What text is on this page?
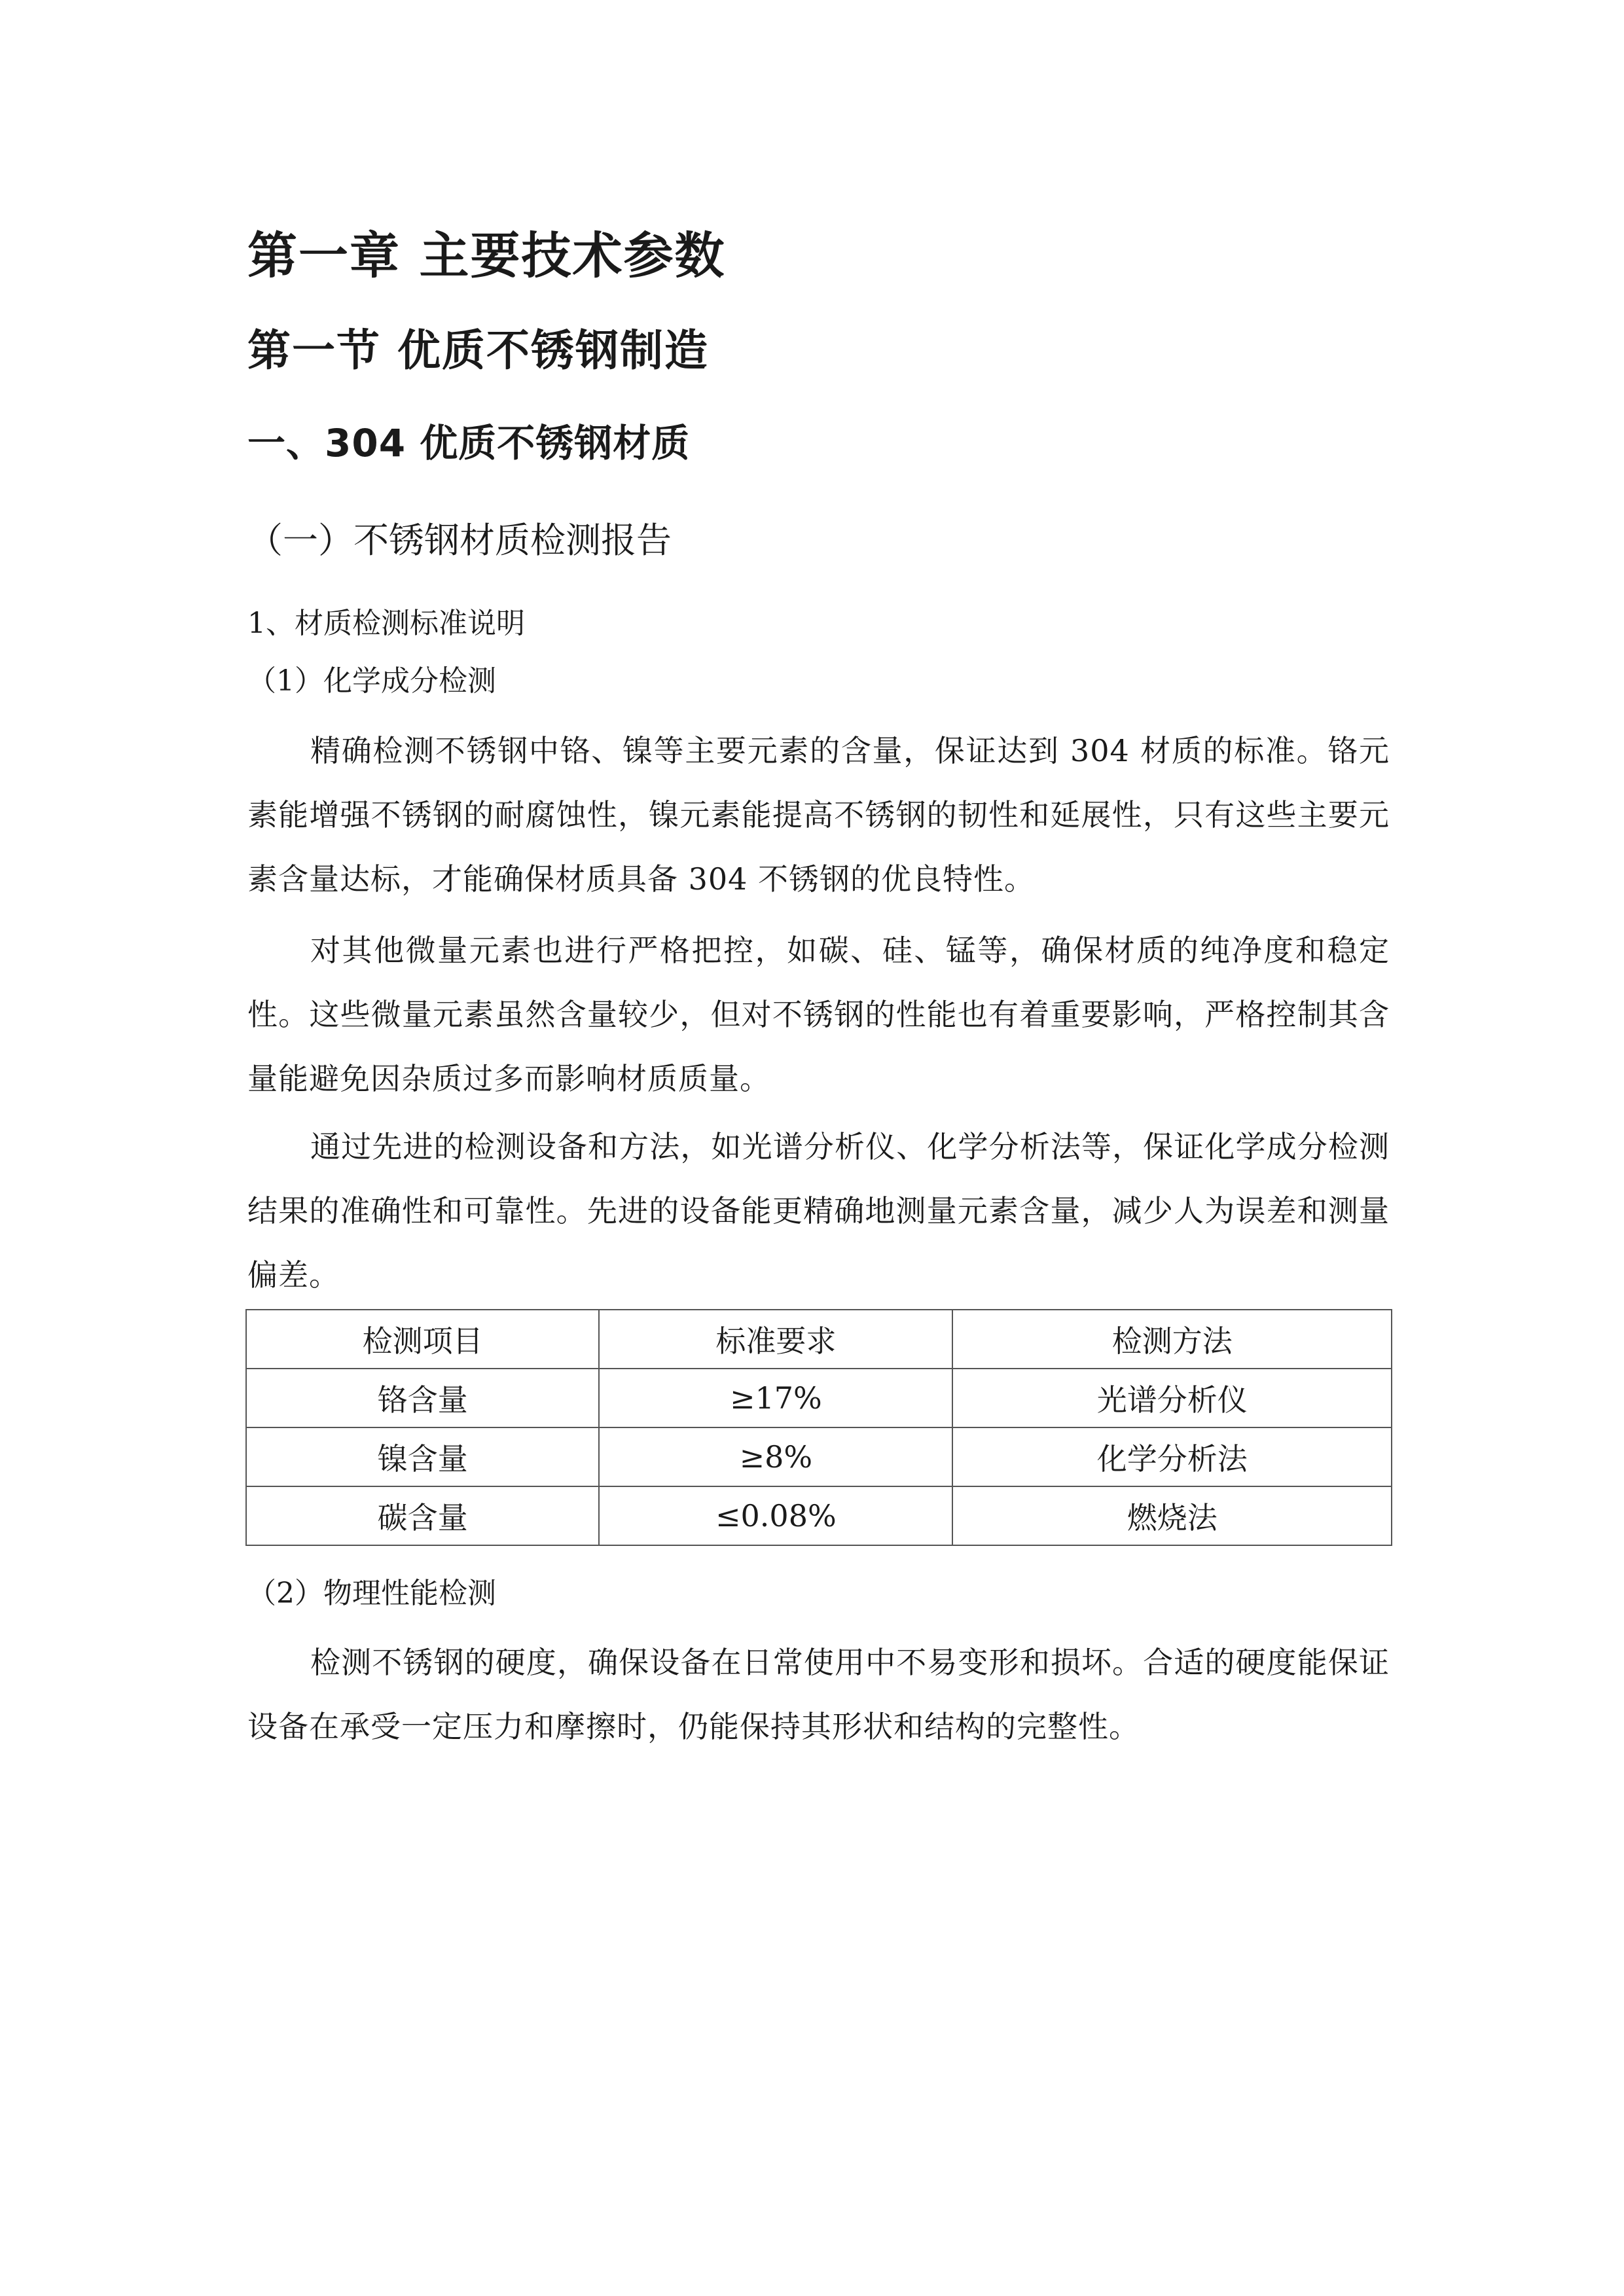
第一章 主要技术参数
第一节 优质不锈钢制造
一、304 优质不锈钢材质
（一）不锈钢材质检测报告
1、材质检测标准说明
（1）化学成分检测

精确检测不锈钢中铬、镍等主要元素的含量，保证达到 304 材质的标准。铬元素能增强不锈钢的耐腐蚀性，镍元素能提高不锈钢的韧性和延展性，只有这些主要元素含量达标，才能确保材质具备 304 不锈钢的优良特性。

对其他微量元素也进行严格把控，如碳、硅、锰等，确保材质的纯净度和稳定性。这些微量元素虽然含量较少，但对不锈钢的性能也有着重要影响，严格控制其含量能避免因杂质过多而影响材质质量。

通过先进的检测设备和方法，如光谱分析仪、化学分析法等，保证化学成分检测结果的准确性和可靠性。先进的设备能更精确地测量元素含量，减少人为误差和测量偏差。

检测项目	标准要求	检测方法
铬含量	≥17%	光谱分析仪
镍含量	≥8%	化学分析法
碳含量	≤0.08%	燃烧法
（2）物理性能检测

检测不锈钢的硬度，确保设备在日常使用中不易变形和损坏。合适的硬度能保证设备在承受一定压力和摩擦时，仍能保持其形状和结构的完整性。
